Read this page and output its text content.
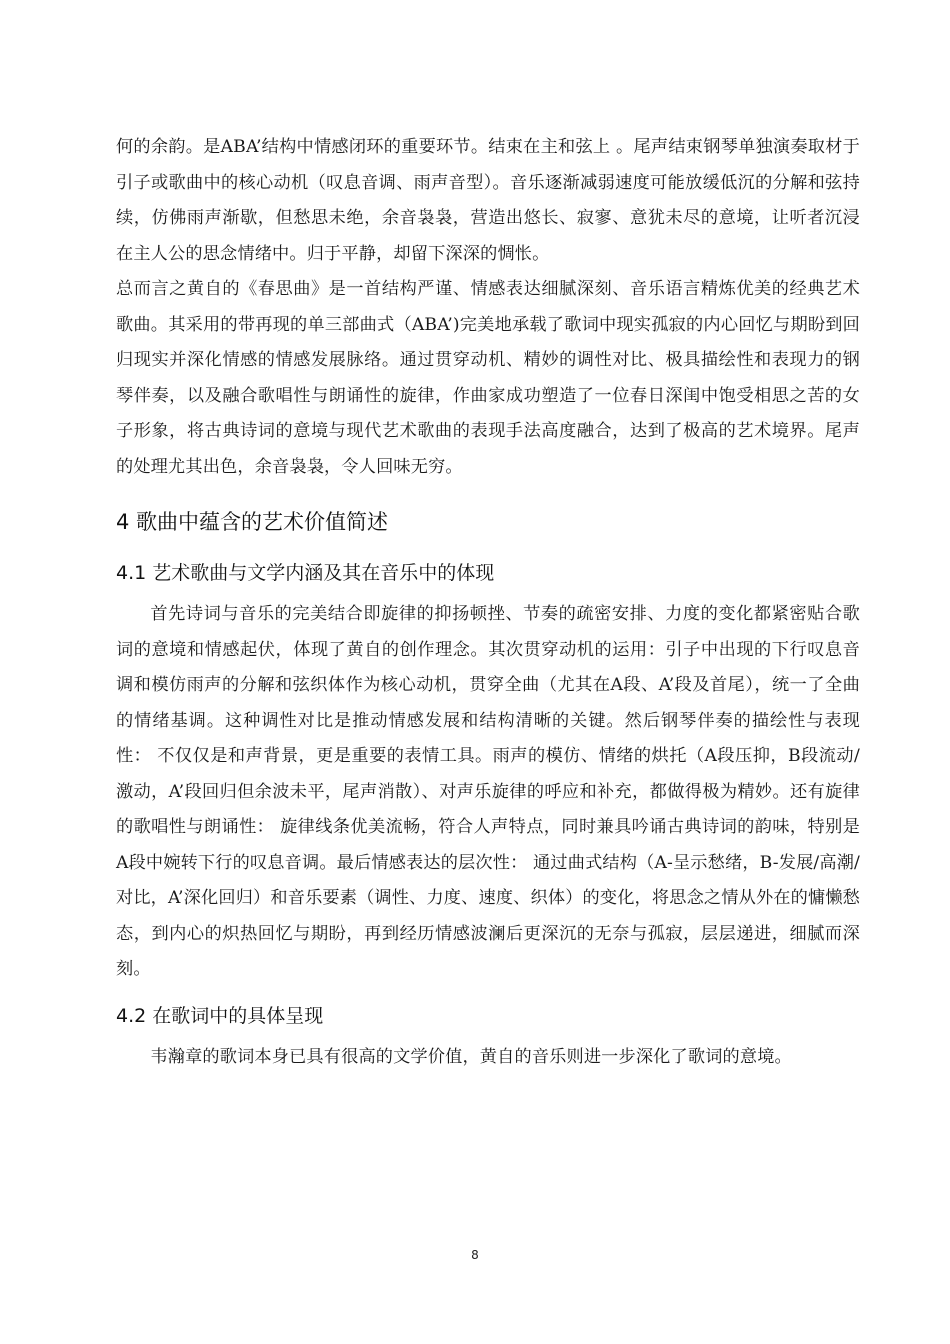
何的余韵。是ABA’结构中情感闭环的重要环节。结束在主和弦上 。尾声结束钢琴单独演奏取材于引子或歌曲中的核心动机（叹息音调、雨声音型）。音乐逐渐减弱速度可能放缓低沉的分解和弦持续，仿佛雨声渐歇，但愁思未绝，余音袅袅，营造出悠长、寂寥、意犹未尽的意境，让听者沉浸在主人公的思念情绪中。归于平静，却留下深深的惆怅。

总而言之黄自的《春思曲》是一首结构严谨、情感表达细腻深刻、音乐语言精炼优美的经典艺术歌曲。其采用的带再现的单三部曲式（ABA’)完美地承载了歌词中现实孤寂的内心回忆与期盼到回归现实并深化情感的情感发展脉络。通过贯穿动机、精妙的调性对比、极具描绘性和表现力的钢琴伴奏，以及融合歌唱性与朗诵性的旋律，作曲家成功塑造了一位春日深闺中饱受相思之苦的女子形象，将古典诗词的意境与现代艺术歌曲的表现手法高度融合，达到了极高的艺术境界。尾声的处理尤其出色，余音袅袅，令人回味无穷。

4 歌曲中蕴含的艺术价值简述
4.1 艺术歌曲与文学内涵及其在音乐中的体现

首先诗词与音乐的完美结合即旋律的抑扬顿挫、节奏的疏密安排、力度的变化都紧密贴合歌词的意境和情感起伏，体现了黄自的创作理念。其次贯穿动机的运用：引子中出现的下行叹息音调和模仿雨声的分解和弦织体作为核心动机，贯穿全曲（尤其在A段、A’段及首尾），统一了全曲的情绪基调。这种调性对比是推动情感发展和结构清晰的关键。然后钢琴伴奏的描绘性与表现性： 不仅仅是和声背景，更是重要的表情工具。雨声的模仿、情绪的烘托（A段压抑，B段流动/激动，A’段回归但余波未平，尾声消散）、对声乐旋律的呼应和补充，都做得极为精妙。还有旋律的歌唱性与朗诵性： 旋律线条优美流畅，符合人声特点，同时兼具吟诵古典诗词的韵味，特别是A段中婉转下行的叹息音调。最后情感表达的层次性： 通过曲式结构（A-呈示愁绪，B-发展/高潮/对比，A’深化回归）和音乐要素（调性、力度、速度、织体）的变化，将思念之情从外在的慵懒愁态，到内心的炽热回忆与期盼，再到经历情感波澜后更深沉的无奈与孤寂，层层递进，细腻而深刻。

4.2 在歌词中的具体呈现

韦瀚章的歌词本身已具有很高的文学价值，黄自的音乐则进一步深化了歌词的意境。

8
